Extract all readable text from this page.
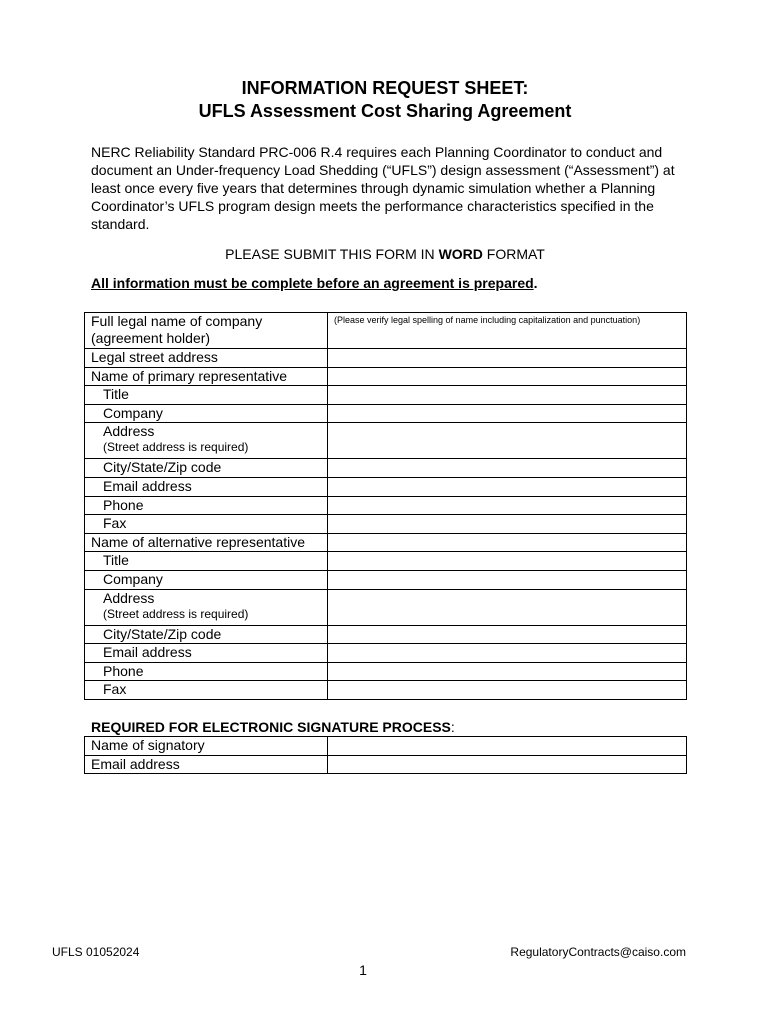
INFORMATION REQUEST SHEET:
UFLS Assessment Cost Sharing Agreement

NERC Reliability Standard PRC-006 R.4 requires each Planning Coordinator to conduct and document an Under-frequency Load Shedding (“UFLS”) design assessment (“Assessment”) at least once every five years that determines through dynamic simulation whether a Planning Coordinator’s UFLS program design meets the performance characteristics specified in the standard.

PLEASE SUBMIT THIS FORM IN WORD FORMAT
All information must be complete before an agreement is prepared.
Full legal name of company (agreement holder)	(Please verify legal spelling of name including capitalization and punctuation)

Legal street address	
Name of primary representative	
Title	
Company	
Address
(Street address is required)	

City/State/Zip code	
Email address	
Phone	
Fax	
Name of alternative representative	
Title	
Company	
Address
(Street address is required)	

City/State/Zip code	
Email address	
Phone	
Fax	
REQUIRED FOR ELECTRONIC SIGNATURE PROCESS:
Name of signatory	
Email address	
UFLS 01052024	RegulatoryContracts@caiso.com
1
